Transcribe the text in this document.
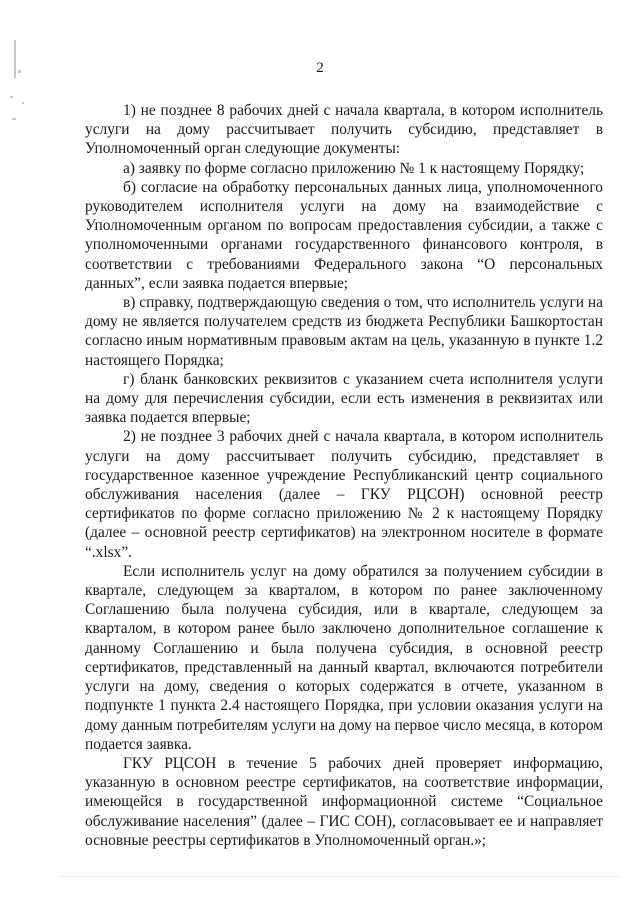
2

1) не позднее 8 рабочих дней с начала квартала, в котором исполнитель услуги на дому рассчитывает получить субсидию, представляет в Уполномоченный орган следующие документы:

а) заявку по форме согласно приложению № 1 к настоящему Порядку;

б) согласие на обработку персональных данных лица, уполномоченного руководителем исполнителя услуги на дому на взаимодействие с Уполномоченным органом по вопросам предоставления субсидии, а также с уполномоченными органами государственного финансового контроля, в соответствии с требованиями Федерального закона “О персональных данных”, если заявка подается впервые;

в) справку, подтверждающую сведения о том, что исполнитель услуги на дому не является получателем средств из бюджета Республики Башкортостан согласно иным нормативным правовым актам на цель, указанную в пункте 1.2 настоящего Порядка;

г) бланк банковских реквизитов с указанием счета исполнителя услуги на дому для перечисления субсидии, если есть изменения в реквизитах или заявка подается впервые;

2) не позднее 3 рабочих дней с начала квартала, в котором исполнитель услуги на дому рассчитывает получить субсидию, представляет в государственное казенное учреждение Республиканский центр социального обслуживания населения (далее – ГКУ РЦСОН) основной реестр сертификатов по форме согласно приложению № 2 к настоящему Порядку (далее – основной реестр сертификатов) на электронном носителе в формате “.xlsx”.

Если исполнитель услуг на дому обратился за получением субсидии в квартале, следующем за кварталом, в котором по ранее заключенному Соглашению была получена субсидия, или в квартале, следующем за кварталом, в котором ранее было заключено дополнительное соглашение к данному Соглашению и была получена субсидия, в основной реестр сертификатов, представленный на данный квартал, включаются потребители услуги на дому, сведения о которых содержатся в отчете, указанном в подпункте 1 пункта 2.4 настоящего Порядка, при условии оказания услуги на дому данным потребителям услуги на дому на первое число месяца, в котором подается заявка.

ГКУ РЦСОН в течение 5 рабочих дней проверяет информацию, указанную в основном реестре сертификатов, на соответствие информации, имеющейся в государственной информационной системе “Социальное обслуживание населения” (далее – ГИС СОН), согласовывает ее и направляет основные реестры сертификатов в Уполномоченный орган.»;
